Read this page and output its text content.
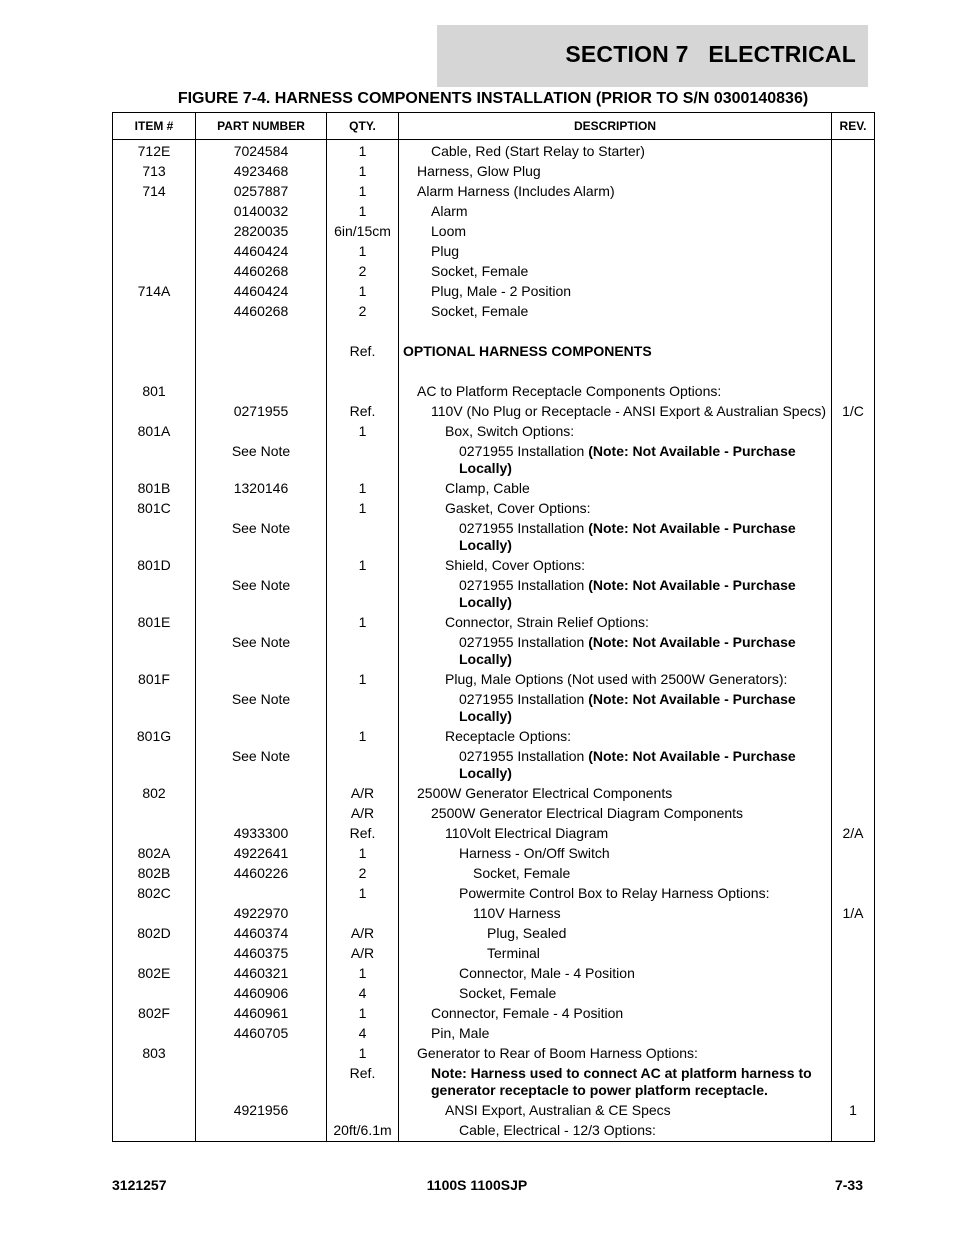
SECTION 7   ELECTRICAL
FIGURE 7-4. HARNESS COMPONENTS INSTALLATION (PRIOR TO S/N 0300140836)
ITEM #	PART NUMBER	QTY.	DESCRIPTION	REV.
712E	7024584	1	Cable, Red (Start Relay to Starter)	
713	4923468	1	Harness, Glow Plug	
714	0257887	1	Alarm Harness (Includes Alarm)	
	0140032	1	Alarm	
	2820035	6in/15cm	Loom	
	4460424	1	Plug	
	4460268	2	Socket, Female	
714A	4460424	1	Plug, Male - 2 Position	
	4460268	2	Socket, Female	

		Ref.	OPTIONAL HARNESS COMPONENTS	

801			AC to Platform Receptacle Components Options:	
	0271955	Ref.	110V (No Plug or Receptacle - ANSI Export & Australian Specs)	1/C
801A		1	Box, Switch Options:	
	See Note		0271955 Installation (Note: Not Available - Purchase Locally)	
801B	1320146	1	Clamp, Cable	
801C		1	Gasket, Cover Options:	
	See Note		0271955 Installation (Note: Not Available - Purchase Locally)	
801D		1	Shield, Cover Options:	
	See Note		0271955 Installation (Note: Not Available - Purchase Locally)	
801E		1	Connector, Strain Relief Options:	
	See Note		0271955 Installation (Note: Not Available - Purchase Locally)	
801F		1	Plug, Male Options (Not used with 2500W Generators):	
	See Note		0271955 Installation (Note: Not Available - Purchase Locally)	
801G		1	Receptacle Options:	
	See Note		0271955 Installation (Note: Not Available - Purchase Locally)	
802		A/R	2500W Generator Electrical Components	
		A/R	2500W Generator Electrical Diagram Components	
	4933300	Ref.	110Volt Electrical Diagram	2/A
802A	4922641	1	Harness - On/Off Switch	
802B	4460226	2	Socket, Female	
802C		1	Powermite Control Box to Relay Harness Options:	
	4922970		110V Harness	1/A
802D	4460374	A/R	Plug, Sealed	
	4460375	A/R	Terminal	
802E	4460321	1	Connector, Male - 4 Position	
	4460906	4	Socket, Female	
802F	4460961	1	Connector, Female - 4 Position	
	4460705	4	Pin, Male	
803		1	Generator to Rear of Boom Harness Options:	
		Ref.	Note: Harness used to connect AC at platform harness to generator receptacle to power platform receptacle.	
	4921956		ANSI Export, Australian & CE Specs	1
		20ft/6.1m	Cable, Electrical - 12/3 Options:	
3121257	1100S 1100SJP	7-33
